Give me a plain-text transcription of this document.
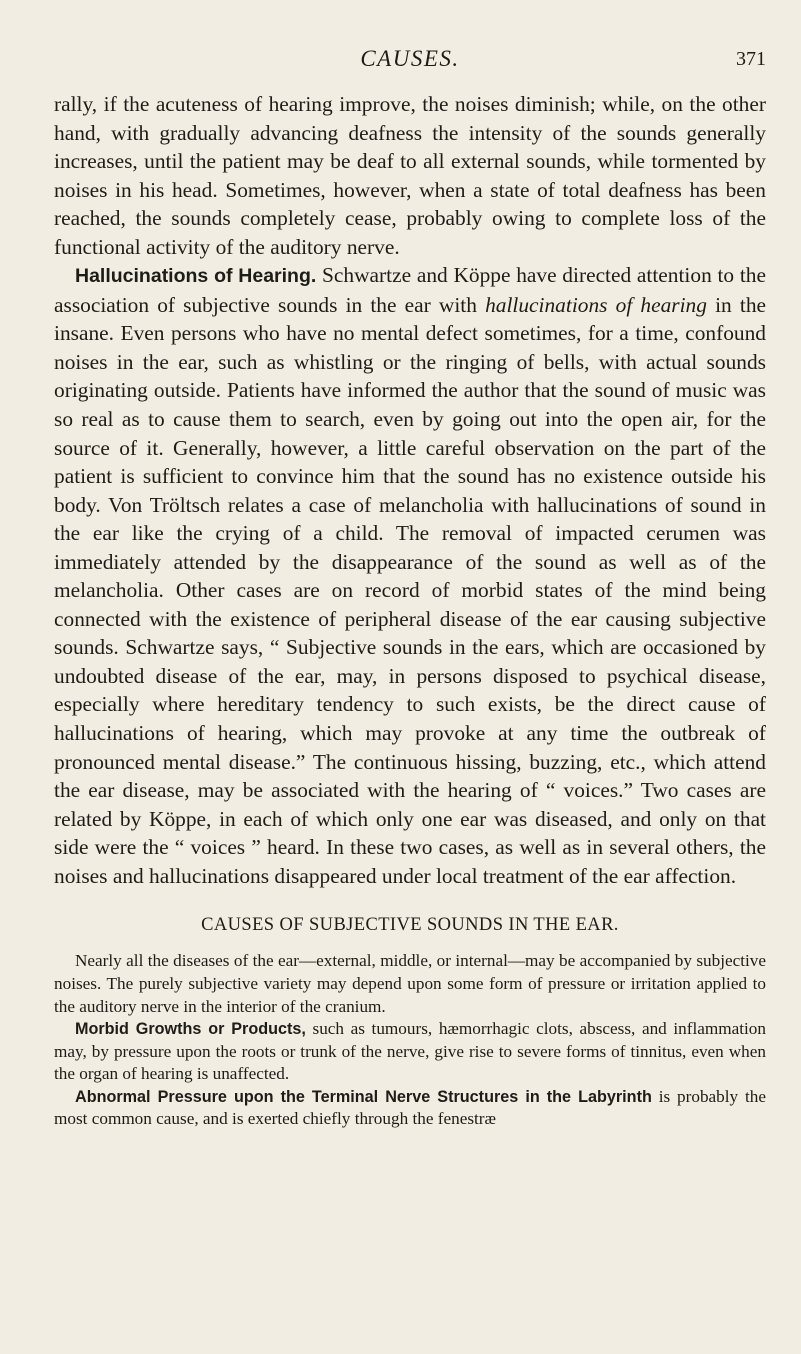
CAUSES.	371

rally, if the acuteness of hearing improve, the noises diminish; while, on the other hand, with gradually advancing deafness the intensity of the sounds generally increases, until the patient may be deaf to all external sounds, while tormented by noises in his head. Sometimes, however, when a state of total deafness has been reached, the sounds completely cease, probably owing to complete loss of the functional activity of the auditory nerve.

Hallucinations of Hearing. Schwartze and Köppe have directed attention to the association of subjective sounds in the ear with hallucinations of hearing in the insane. Even persons who have no mental defect sometimes, for a time, confound noises in the ear, such as whistling or the ringing of bells, with actual sounds originating outside. Patients have informed the author that the sound of music was so real as to cause them to search, even by going out into the open air, for the source of it. Generally, however, a little careful observation on the part of the patient is sufficient to convince him that the sound has no existence outside his body. Von Tröltsch relates a case of melancholia with hallucinations of sound in the ear like the crying of a child. The removal of impacted cerumen was immediately attended by the disappearance of the sound as well as of the melancholia. Other cases are on record of morbid states of the mind being connected with the existence of peripheral disease of the ear causing subjective sounds. Schwartze says, “ Subjective sounds in the ears, which are occasioned by undoubted disease of the ear, may, in persons disposed to psychical disease, especially where hereditary tendency to such exists, be the direct cause of hallucinations of hearing, which may provoke at any time the outbreak of pronounced mental disease.” The continuous hissing, buzzing, etc., which attend the ear disease, may be associated with the hearing of “ voices.” Two cases are related by Köppe, in each of which only one ear was diseased, and only on that side were the “ voices ” heard. In these two cases, as well as in several others, the noises and hallucinations disappeared under local treatment of the ear affection.

CAUSES OF SUBJECTIVE SOUNDS IN THE EAR.

Nearly all the diseases of the ear—external, middle, or internal—may be accompanied by subjective noises. The purely subjective variety may depend upon some form of pressure or irritation applied to the auditory nerve in the interior of the cranium.

Morbid Growths or Products, such as tumours, hæmorrhagic clots, abscess, and inflammation may, by pressure upon the roots or trunk of the nerve, give rise to severe forms of tinnitus, even when the organ of hearing is unaffected.

Abnormal Pressure upon the Terminal Nerve Structures in the Labyrinth is probably the most common cause, and is exerted chiefly through the fenestræ
